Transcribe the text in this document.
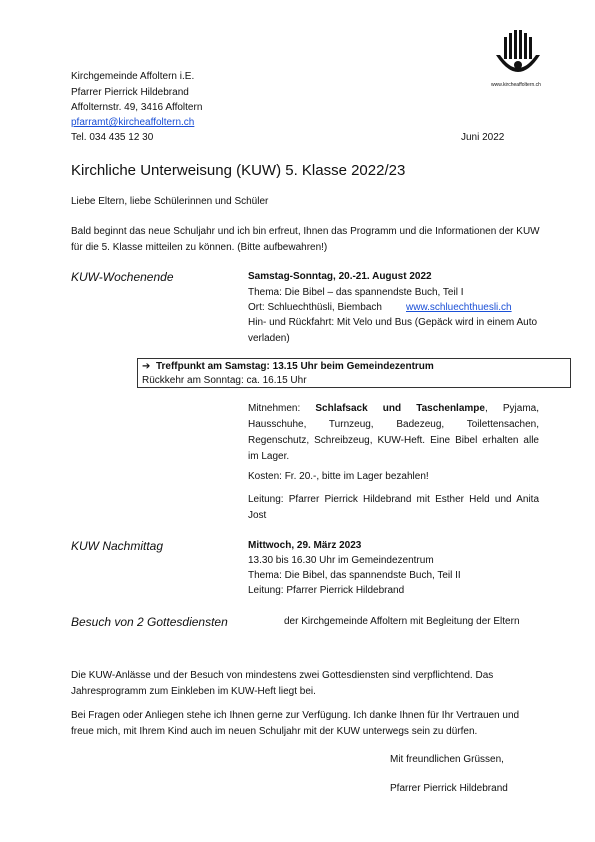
www.kircheaffoltern.ch
Kirchgemeinde Affoltern i.E.
Pfarrer Pierrick Hildebrand
Affolternstr. 49, 3416 Affoltern
pfarramt@kircheaffoltern.ch
Tel. 034 435 12 30	Juni 2022
Kirchliche Unterweisung (KUW) 5. Klasse 2022/23
Liebe Eltern, liebe Schülerinnen und Schüler
Bald beginnt das neue Schuljahr und ich bin erfreut, Ihnen das Programm und die Informationen der KUW für die 5. Klasse mitteilen zu können. (Bitte aufbewahren!)
KUW-Wochenende	Samstag-Sonntag, 20.-21. August 2022
Thema: Die Bibel – das spannendste Buch, Teil I
Ort: Schluechthüsli, Biembach www.schluechthuesli.ch
Hin- und Rückfahrt: Mit Velo und Bus (Gepäck wird in einem Auto verladen)
➔ Treffpunkt am Samstag: 13.15 Uhr beim Gemeindezentrum
Rückkehr am Sonntag: ca. 16.15 Uhr
Mitnehmen: Schlafsack und Taschenlampe, Pyjama, Hausschuhe, Turnzeug, Badezeug, Toilettensachen, Regenschutz, Schreibzeug, KUW-Heft. Eine Bibel erhalten alle im Lager.
Kosten: Fr. 20.-, bitte im Lager bezahlen!
Leitung: Pfarrer Pierrick Hildebrand mit Esther Held und Anita Jost
KUW Nachmittag	Mittwoch, 29. März 2023
13.30 bis 16.30 Uhr im Gemeindezentrum
Thema: Die Bibel, das spannendste Buch, Teil II
Leitung: Pfarrer Pierrick Hildebrand
Besuch von 2 Gottesdiensten	der Kirchgemeinde Affoltern mit Begleitung der Eltern
Die KUW-Anlässe und der Besuch von mindestens zwei Gottesdiensten sind verpflichtend. Das Jahresprogramm zum Einkleben im KUW-Heft liegt bei.
Bei Fragen oder Anliegen stehe ich Ihnen gerne zur Verfügung. Ich danke Ihnen für Ihr Vertrauen und freue mich, mit Ihrem Kind auch im neuen Schuljahr mit der KUW unterwegs sein zu dürfen.
Mit freundlichen Grüssen,
Pfarrer Pierrick Hildebrand
